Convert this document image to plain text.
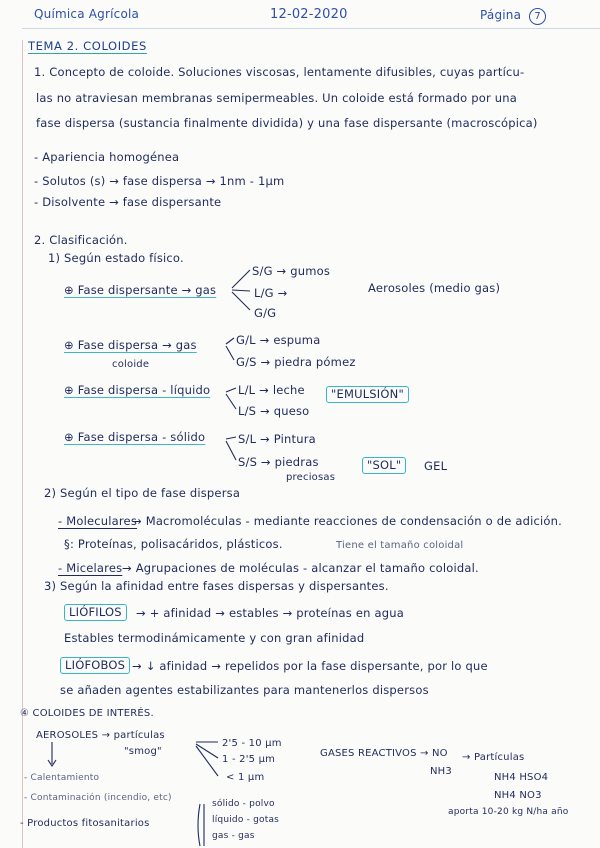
Química Agrícola	12-02-2020	Página 7
TEMA 2. COLOIDES
1. Concepto de coloide. Soluciones viscosas, lentamente difusibles, cuyas partícu-
las no atraviesan membranas semipermeables. Un coloide está formado por una
fase dispersa (sustancia finalmente dividida) y una fase dispersante (macroscópica)
- Apariencia homogénea
- Solutos (s) → fase dispersa → 1nm - 1µm
- Disolvente → fase dispersante
2. Clasificación.
1) Según estado físico.
⊕ Fase dispersante → gas
S/G → gumos
L/G →
G/G
Aerosoles (medio gas)
⊕ Fase dispersa → gas
coloide
G/L → espuma
G/S → piedra pómez
⊕ Fase dispersa - líquido L/L → leche
L/S → queso
"EMULSIÓN"
⊕ Fase dispersa - sólido	S/L → Pintura
S/S → piedras
preciosas
"SOL"	GEL
2) Según el tipo de fase dispersa
- Moleculares
→ Macromoléculas - mediante reacciones de condensación o de adición.
§: Proteínas, polisacáridos, plásticos.	Tiene el tamaño coloidal
- Micelares → Agrupaciones de moléculas - alcanzar el tamaño coloidal.
3) Según la afinidad entre fases dispersas y dispersantes.
LIÓFILOS	→ + afinidad → estables → proteínas en agua
Estables termodinámicamente y con gran afinidad
LIÓFOBOS → ↓ afinidad → repelidos por la fase dispersante, por lo que
se añaden agentes estabilizantes para mantenerlos dispersos
④ COLOIDES DE INTERÉS.
AEROSOLES → partículas
"smog"
2'5 - 10 µm
1 - 2'5 µm
< 1 µm
GASES REACTIVOS → NO
NH3
→ Partículas
NH4 HSO4
NH4 NO3
- Calentamiento
- Contaminación (incendio, etc)
- Productos fitosanitarios
sólido - polvo
líquido - gotas
gas - gas
aporta 10-20 kg N/ha año
